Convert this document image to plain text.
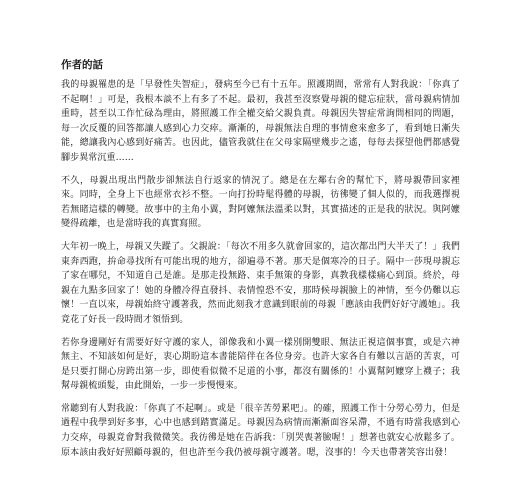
作者的話

我的母親罹患的是「早發性失智症」，發病至今已有十五年。照護期間，常常有人對我說：「你真了不起啊！」可是，我根本談不上有多了不起。最初，我甚至沒察覺母親的健忘症狀，當母親病情加重時，甚至以工作忙碌為理由，將照護工作全權交給父親負責。母親因失智症常詢問相同的問題，每一次反覆的回答都讓人感到心力交瘁。漸漸的，母親無法自理的事情愈來愈多了，看到她日漸失能，總讓我內心感到好痛苦。也因此，儘管我就住在父母家隔壁幾步之遙，每每去探望他們都感覺腳步異常沉重……

不久，母親出現出門散步卻無法自行返家的情況了。總是在左鄰右舍的幫忙下，將母親帶回家裡來。同時，全身上下也經常衣衫不整。一向打扮時髦得體的母親，彷彿變了個人似的，而我選擇視若無睹這樣的轉變。故事中的主角小翼，對阿嬤無法溫柔以對，其實描述的正是我的狀況。與阿嬤變得疏離，也是當時我的真實寫照。

大年初一晚上，母親又失蹤了。父親說：「每次不用多久就會回家的，這次都出門大半天了！」我們東奔西跑，拚命尋找所有可能出現的地方，卻遍尋不著。那天是個寒冷的日子。隔中一莎現母親忘了家在哪兒，不知道自己是誰。是那走投無路、束手無策的身影，真教我樣樣痛心到頂。終於，母親在九點多回家了！她的身體冷得直發抖、表情惶恐不安，那時候母親臉上的神情，至今仍難以忘懷！一直以來，母親始終守護著我，然而此刻我才意識到眼前的母親「應該由我們好好守護她」。我竟花了好長一段時間才領悟到。

若你身邊剛好有需要好好守護的家人，卻像我和小翼一樣別開雙眼、無法正視這個事實，或是六神無主、不知該如何是好，衷心期盼這本書能陪伴在各位身旁。也許大家各自有難以言語的苦衷，可是只要打開心房跨出第一步，即使看似微不足道的小事，都沒有關係的！小翼幫阿嬤穿上襪子；我幫母親梳頭髮，由此開始，一步一步慢慢來。

常聽到有人對我說：「你真了不起啊」。或是「很辛苦勞累吧」。的確，照護工作十分勞心勞力，但是過程中我學到好多事，心中也感到踏實滿足。母親因為病情而漸漸面容呆滯，不過有時當我感到心力交瘁，母親竟會對我微微笑。我彷彿是她在告訴我：「別哭喪著臉喔！」想著也就安心放鬆多了。原本該由我好好照顧母親的，但也許至今我仍被母親守護著。嗯，沒事的！今天也帶著笑容出發！
